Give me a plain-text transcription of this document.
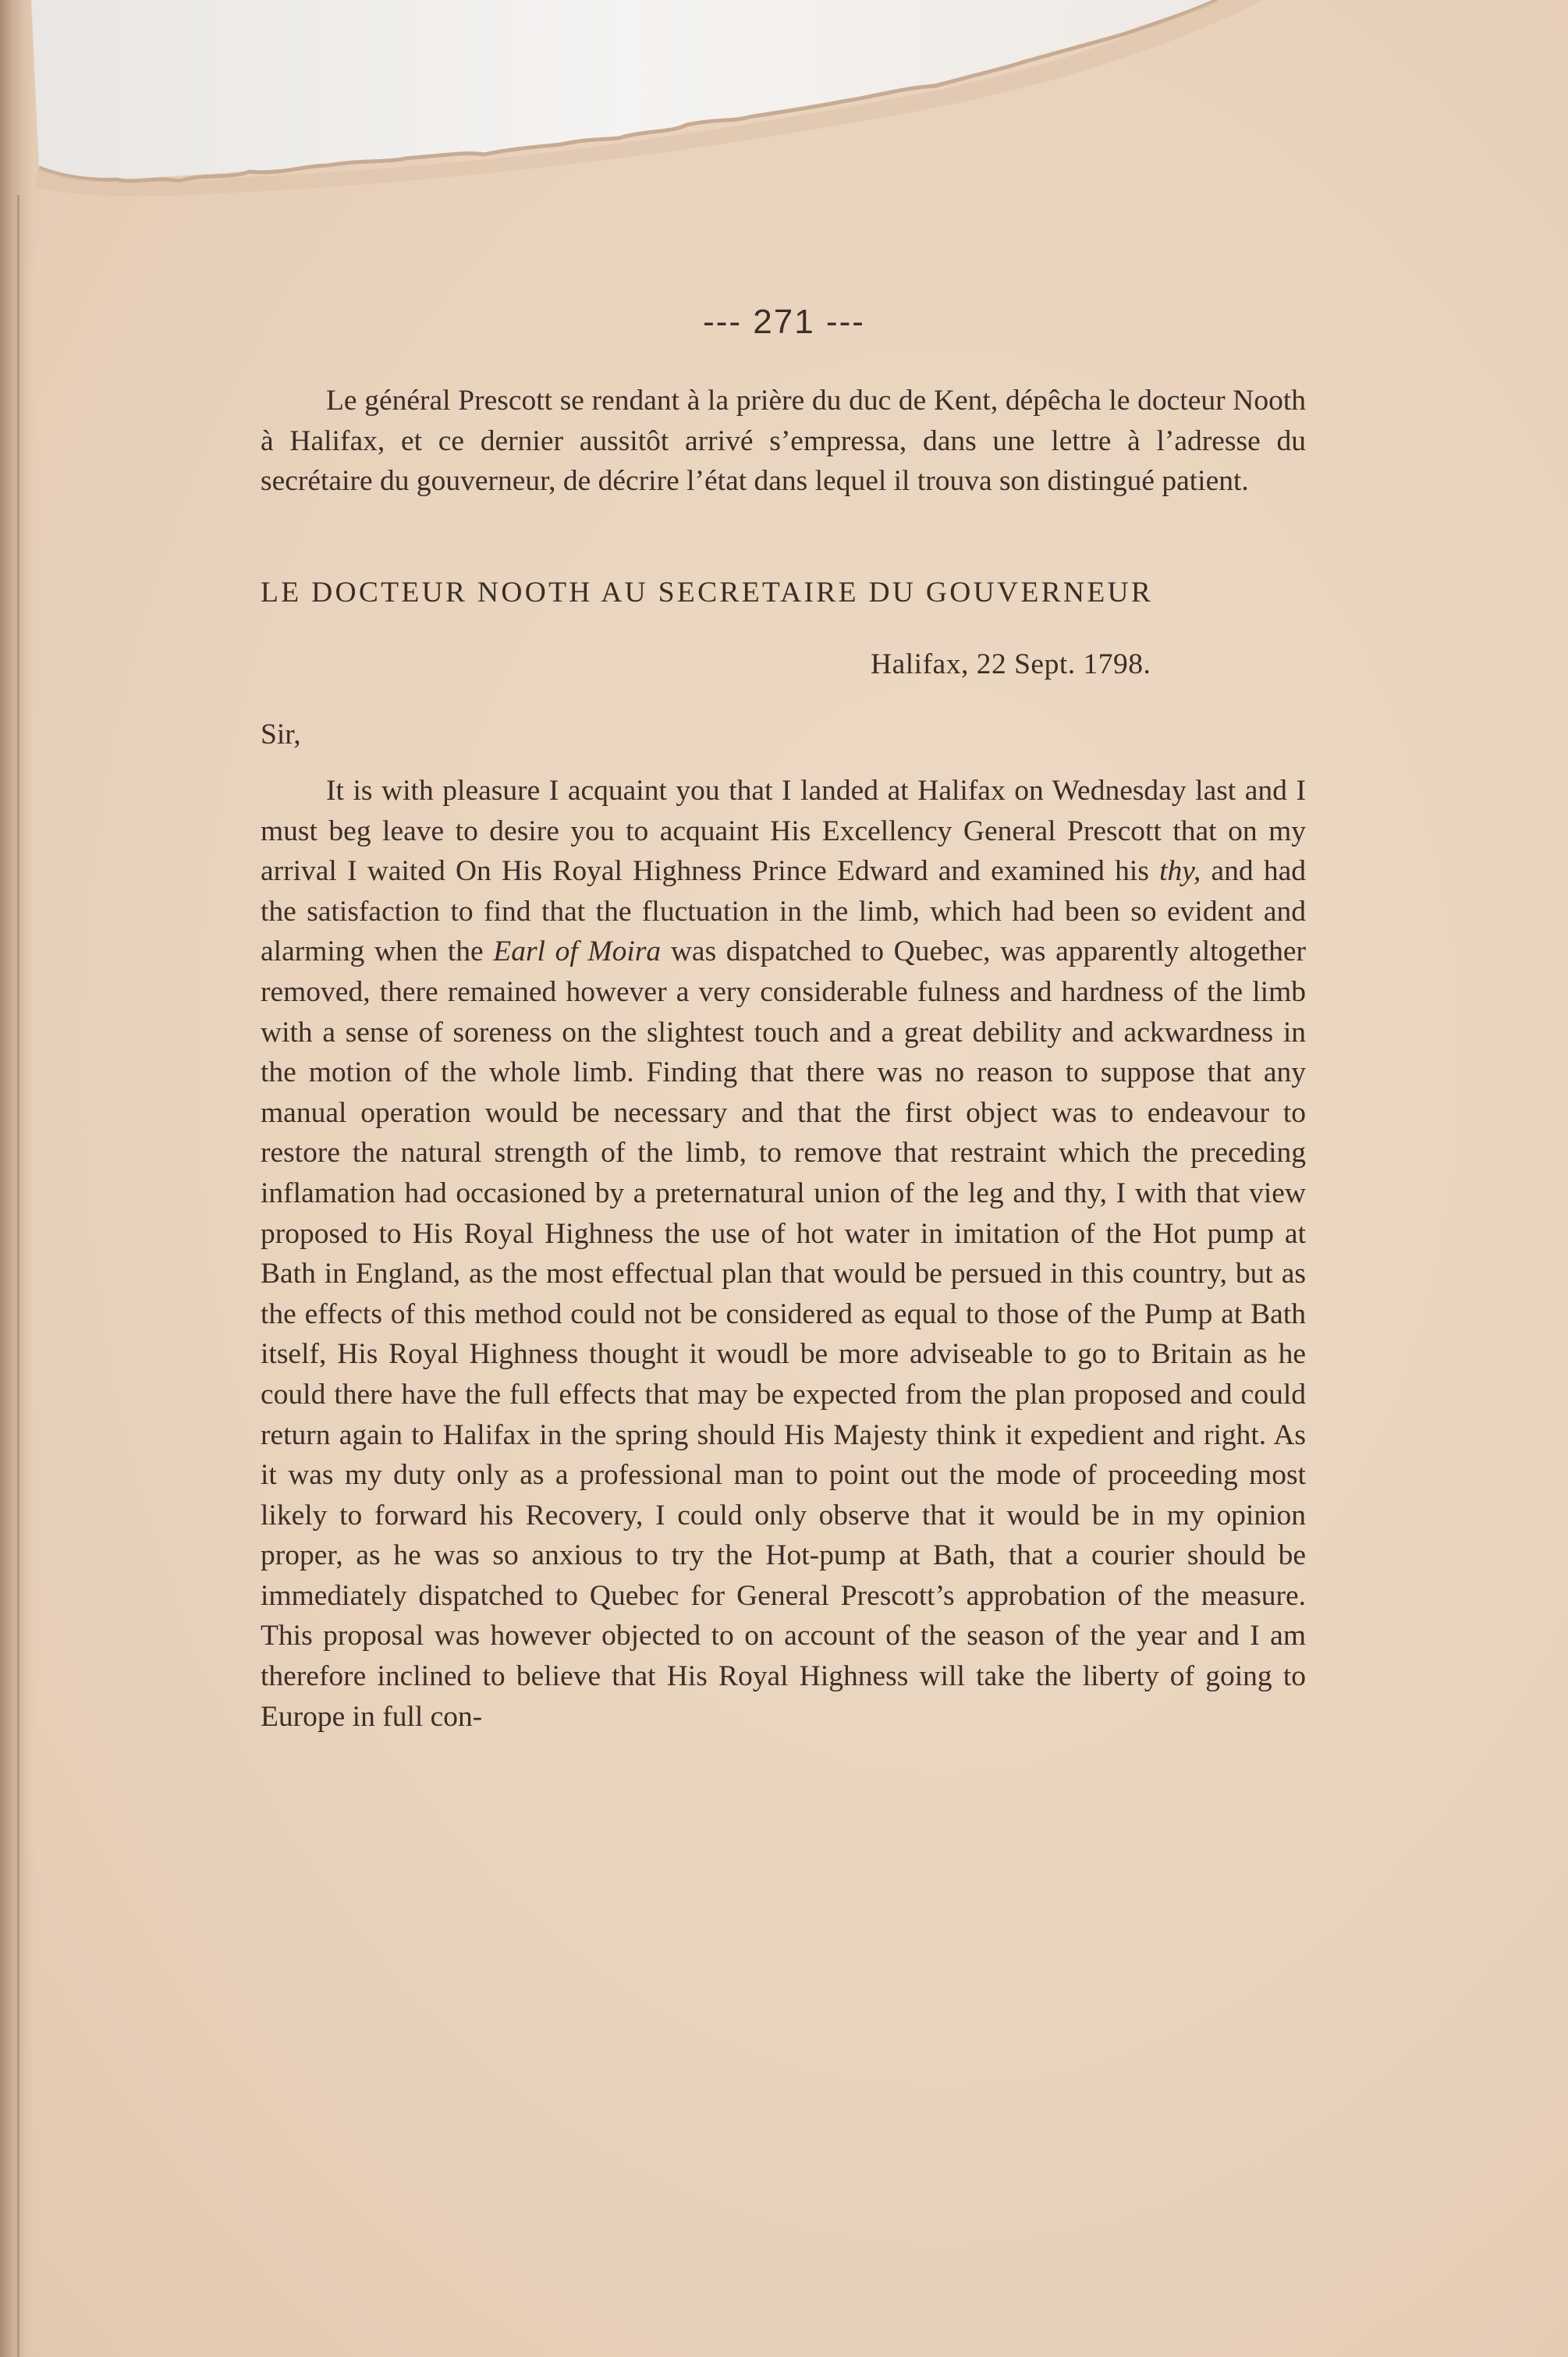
--- 271 ---
Le général Prescott se rendant à la prière du duc de Kent, dépêcha le docteur Nooth à Halifax, et ce dernier aussitôt arrivé s’empressa, dans une lettre à l’adresse du secrétaire du gouverneur, de décrire l’état dans lequel il trouva son distingué patient.
LE DOCTEUR NOOTH AU SECRETAIRE DU GOUVERNEUR
Halifax, 22 Sept. 1798.
Sir,
It is with pleasure I acquaint you that I landed at Halifax on Wednesday last and I must beg leave to desire you to acquaint His Excellency General Prescott that on my arrival I waited On His Royal Highness Prince Edward and examined his thy, and had the satisfaction to find that the fluctuation in the limb, which had been so evident and alarming when the Earl of Moira was dispatched to Quebec, was apparently altogether removed, there remained however a very considerable fulness and hardness of the limb with a sense of soreness on the slightest touch and a great debility and ackwardness in the motion of the whole limb. Finding that there was no reason to suppose that any manual operation would be necessary and that the first object was to endeavour to restore the natural strength of the limb, to remove that restraint which the preceding inflamation had occasioned by a preternatural union of the leg and thy, I with that view proposed to His Royal Highness the use of hot water in imitation of the Hot pump at Bath in England, as the most effectual plan that would be persued in this country, but as the effects of this method could not be considered as equal to those of the Pump at Bath itself, His Royal Highness thought it woudl be more adviseable to go to Britain as he could there have the full effects that may be expected from the plan proposed and could return again to Halifax in the spring should His Majesty think it expedient and right. As it was my duty only as a professional man to point out the mode of proceeding most likely to forward his Recovery, I could only observe that it would be in my opinion proper, as he was so anxious to try the Hot-pump at Bath, that a courier should be immediately dispatched to Quebec for General Prescott’s approbation of the measure. This proposal was however objected to on account of the season of the year and I am therefore inclined to believe that His Royal Highness will take the liberty of going to Europe in full con-
